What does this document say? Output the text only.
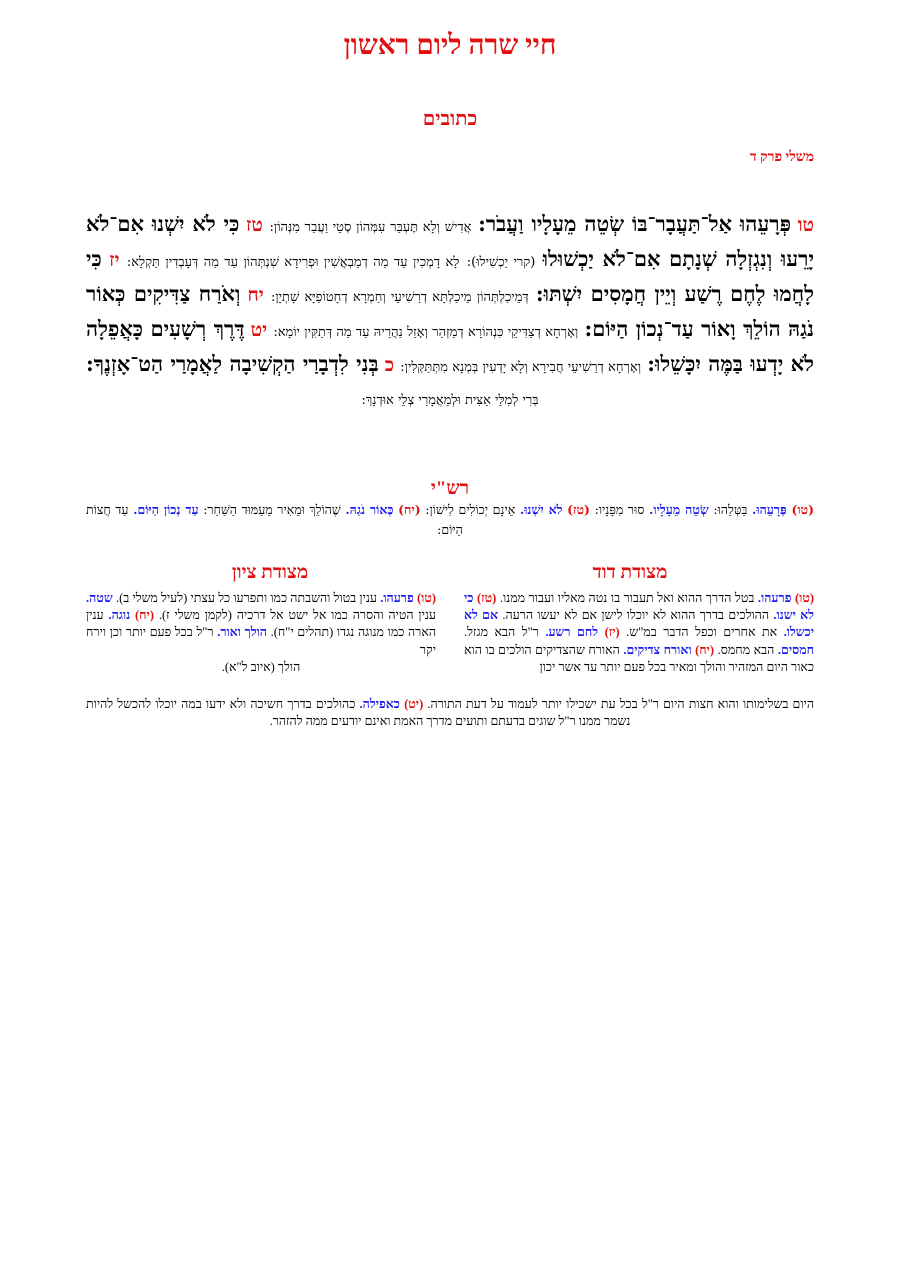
חיי שרה ליום ראשון
כתובים
משלי פרק ד
טו פְּרָעֵהוּ אַל־תַּעֲבָר־בּוֹ שְׂטֵה מֵעָלָיו וַעֲבֹר: אֲדִישׁ וְלָא תֶּעְבַּר עִמְּהוֹן סְטֵי וַעֲבַר מִנְּהוֹן: טז כִּי לֹא יִשְׁנוּ אִם־לֹא יָרֵעוּ וְנִגְזְלָה שְׁנָתָם אִם־לֹא יַכְשׁוּלוּ (קרי יַכְשִׁילוּ): לָא דָמְכִין עַד מַה דְמַבְאֲשִׁין וּפְרִידָא שִׁנְתְּהוֹן עַד מַה דְּעָבְדִין תַּקְלָא: יז כִּי לָחֲמוּ לֶחֶם רֶשַׁע וְיֵין חֲמָסִים יִשְׁתּוּ: דְּמֵיכַלְתְּהוֹן מֵיכַלְתָּא דְרַשִׁיעֵי וְחַמְרָא דְחָטוֹפַיָּא שָׁתְיָן: יח וְאֹרַח צַדִּיקִים כְּאוֹר נֹגַהּ הוֹלֵךְ וָאוֹר עַד־נְכוֹן הַיּוֹם: וְאָרְחָא דְצַדִּיקֵי כִּנְהוֹרָא דְמַזְהַר וְאָזֵל נַהֲרֵיהּ עַד מַה דְּתַקִּין יוֹמָא: יט דֶּרֶךְ רְשָׁעִים כָּאֲפֵלָה לֹא יָדְעוּ בַּמֶּה יִכָּשֵׁלוּ: וְאָרְחָא דְרַשִׁיעֵי חֲבִירָא וְלָא יָדְעִין בְּמְנָא מִתְּתַּקְּלִין: כ בְּנִי לִדְבָרַי הַקְשִׁיבָה לַאֲמָרַי הַט־אָזְנֶךָ: בְּרִי לְמִלַּי אַצִּית וּלְמַאֲמָרַי צְלֵי אוּדְנָךְ:
רש"י
(טו) פְּרָעֵהוּ. בַּטְּלֵהוּ: שְׂטֵה מֵעָלָיו. סוּר מִפָּנָיו: (טז) לֹא יִשְׁנוּ. אֵינָם יְכוֹלִים לִישׁוֹן: (יח) כְּאוֹר נֹגַהּ. שֶׁהוֹלֵךְ וּמֵאִיר מֵעַמּוּד הַשַּׁחַר: עַד נְכוֹן הַיּוֹם. עַד חֲצוֹת הַיּוֹם:
מצודת דוד
מצודת ציון
(טו) פרעהו. בטל הדרך ההוא ואל תעבור בו נטה מאליו ועבור ממנו. (טז) כי לא ישנו. ההולכים בדרך ההוא לא יוכלו לישן אם לא יעשו הרעה. אם לא יכשלו. את אחרים וכפל הדבר במ"ש. (יז) לחם רשע. ר"ל הבא מגזל. חמסים. הבא מחמס. (יח) ואורח צדיקים. האורח שהצדיקים הולכים בו הוא כאור היום המזהיר והולך ומאיר בכל פעם יותר עד אשר יכון
(טו) פרעהו. ענין בטול והשבתה כמו ותפרעו כל עצתי (לעיל משלי ב). שטה. ענין הטיה והסרה כמו אל ישט אל דרכיה (לקמן משלי ז). (יח) נוגה. ענין הארה כמו מנוגה נגדו (תהלים י"ח). הולך ואור. ר"ל בכל פעם יותר וכן וירח יקר
הולך (איוב ל"א).
היום בשלימותו והוא חצות היום ר"ל בכל עת ישכילו יותר לעמוד על דעת התורה. (יט) כאפילה. כהולכים בדרך חשיכה ולא ידעו במה יוכלו להכשל להיות נשמר ממנו ר"ל שוגים בדעתם ותועים מדרך האמת ואינם יודעים ממה להזהר.
